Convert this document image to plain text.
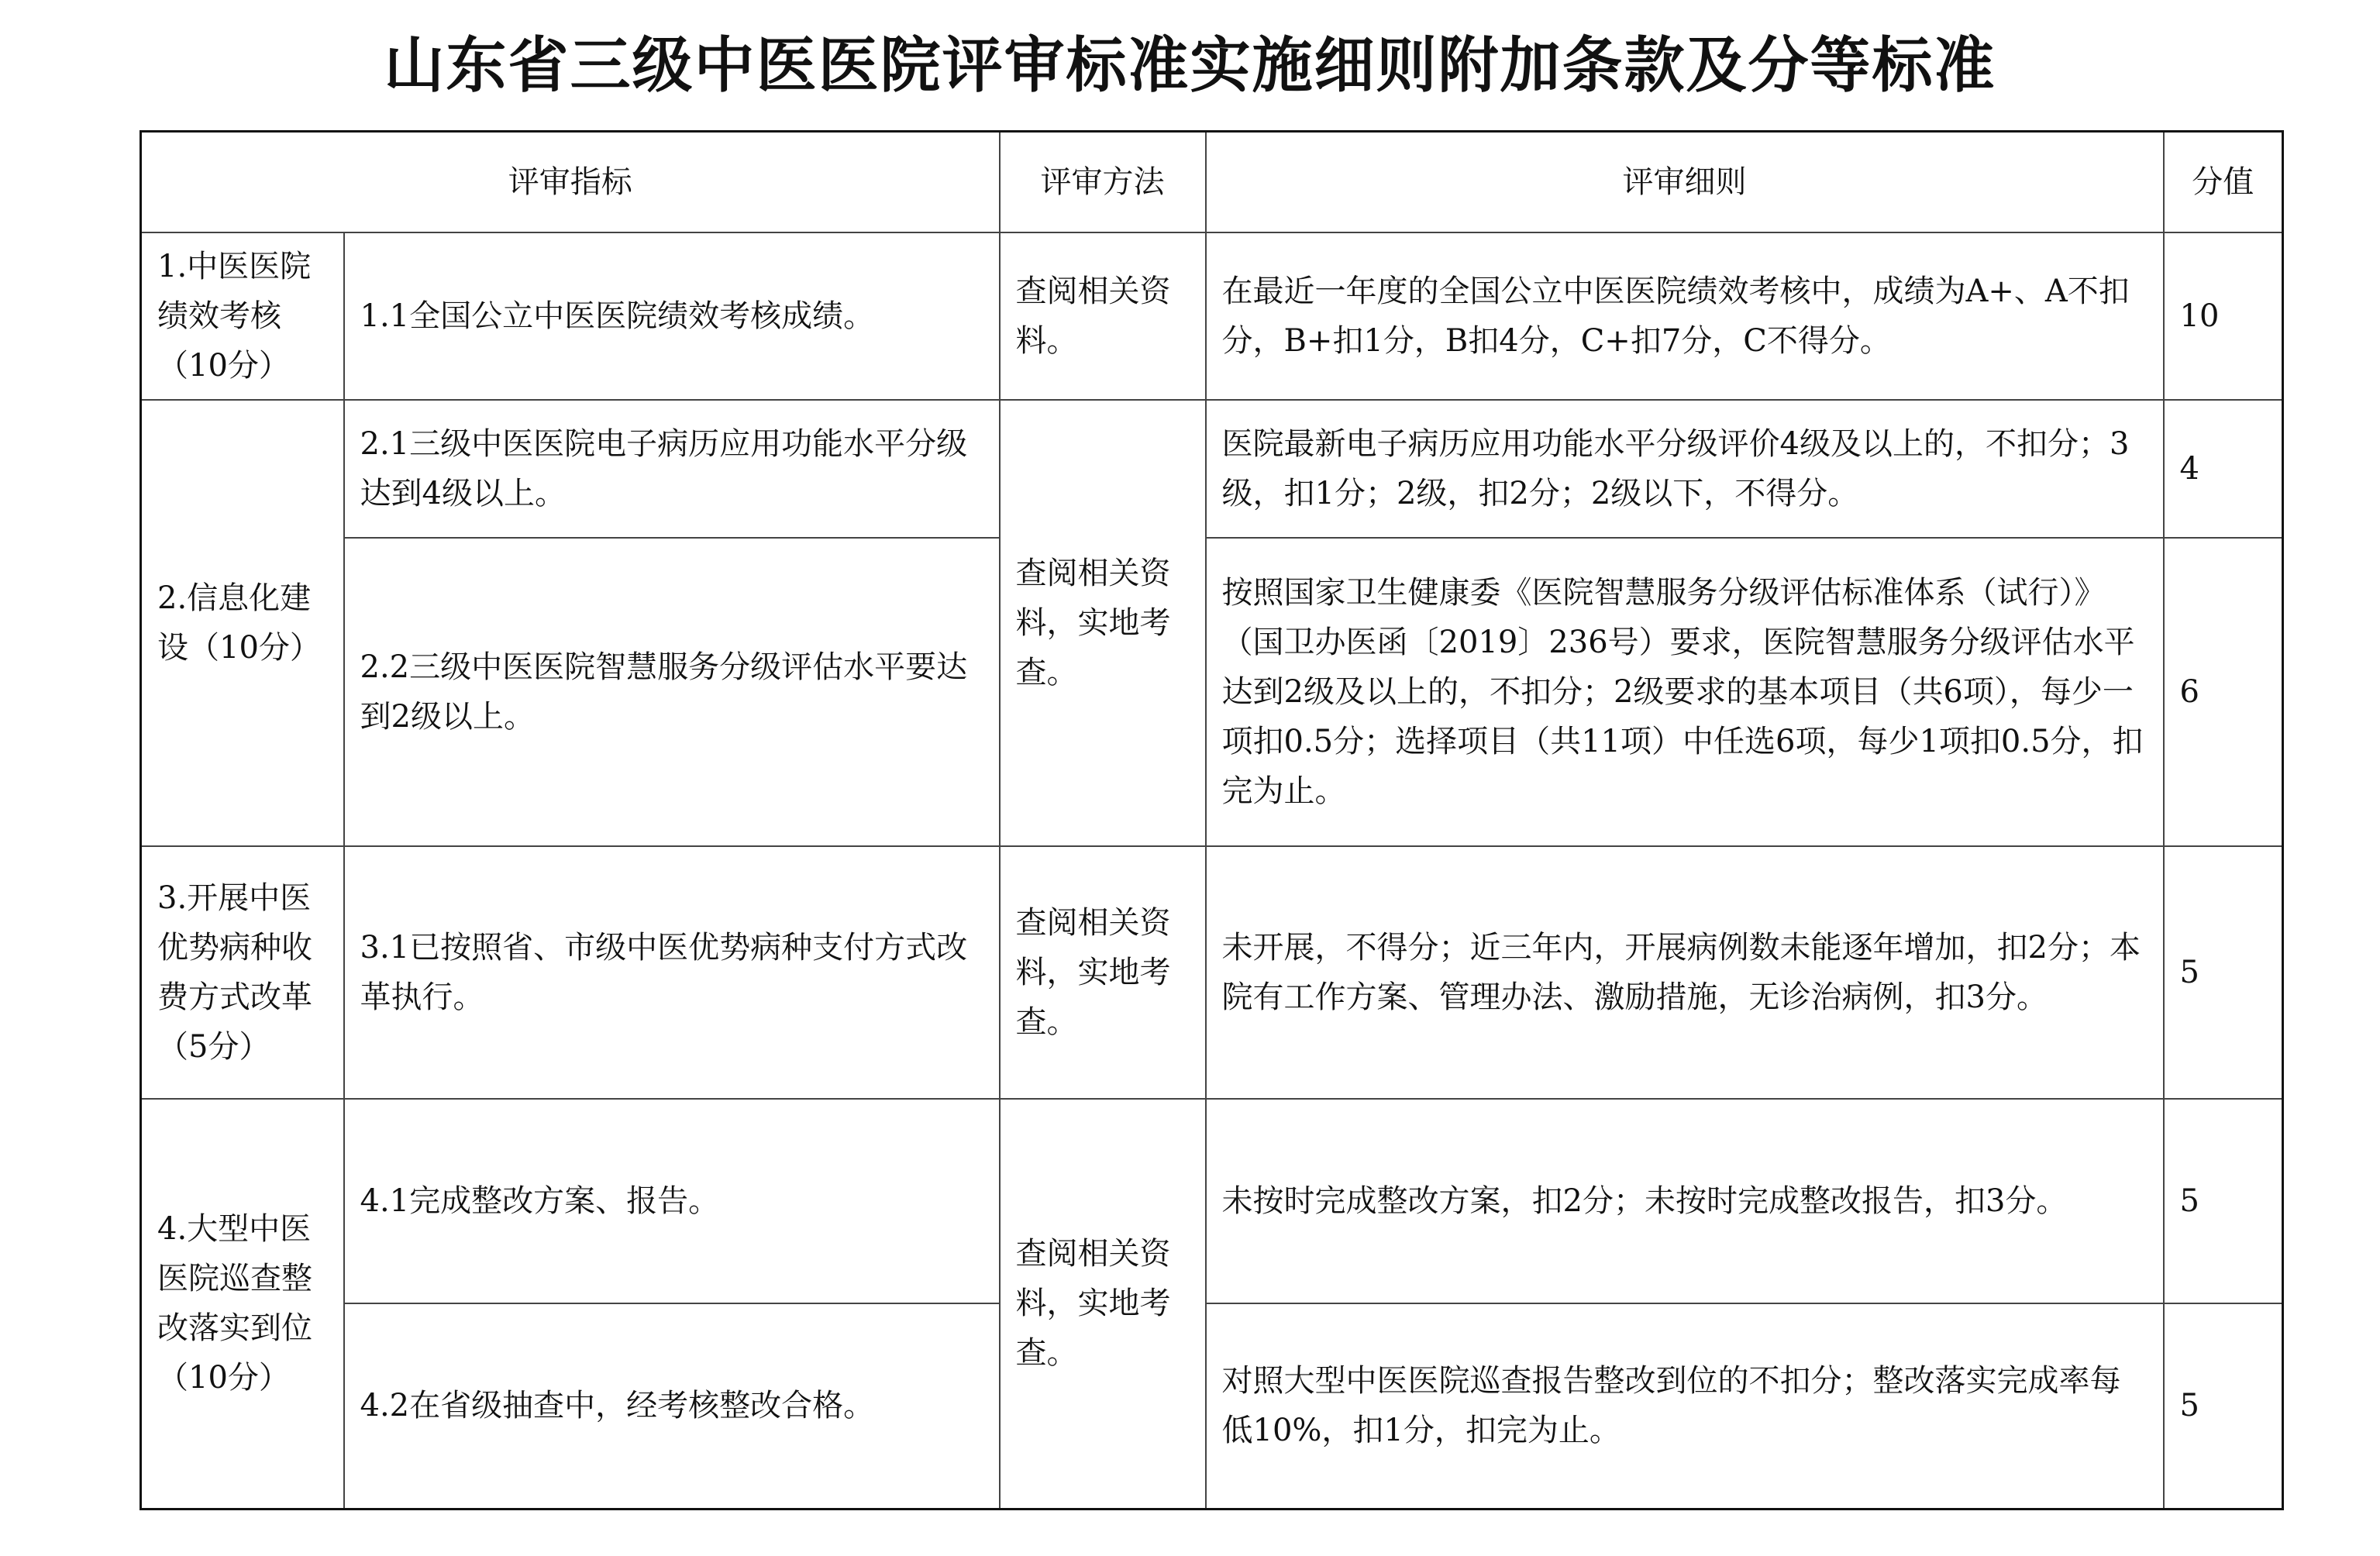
山东省三级中医医院评审标准实施细则附加条款及分等标准
评审指标		评审方法	评审细则	分值
1.中医医院绩效考核（10分）	1.1全国公立中医医院绩效考核成绩。	查阅相关资料。	在最近一年度的全国公立中医医院绩效考核中，成绩为A+、A不扣分，B+扣1分，B扣4分，C+扣7分，C不得分。	10
2.信息化建设（10分）	2.1三级中医医院电子病历应用功能水平分级达到4级以上。	查阅相关资料，实地考查。	医院最新电子病历应用功能水平分级评价4级及以上的，不扣分；3级，扣1分；2级，扣2分；2级以下，不得分。	4
	2.2三级中医医院智慧服务分级评估水平要达到2级以上。		按照国家卫生健康委《医院智慧服务分级评估标准体系（试行）》（国卫办医函〔2019〕236号）要求，医院智慧服务分级评估水平达到2级及以上的，不扣分；2级要求的基本项目（共6项），每少一项扣0.5分；选择项目（共11项）中任选6项，每少1项扣0.5分，扣完为止。	6
3.开展中医优势病种收费方式改革（5分）	3.1已按照省、市级中医优势病种支付方式改革执行。	查阅相关资料，实地考查。	未开展，不得分；近三年内，开展病例数未能逐年增加，扣2分；本院有工作方案、管理办法、激励措施，无诊治病例，扣3分。	5
4.大型中医医院巡查整改落实到位（10分）	4.1完成整改方案、报告。	查阅相关资料，实地考查。	未按时完成整改方案，扣2分；未按时完成整改报告，扣3分。	5
	4.2在省级抽查中，经考核整改合格。		对照大型中医医院巡查报告整改到位的不扣分；整改落实完成率每低10%，扣1分，扣完为止。	5
